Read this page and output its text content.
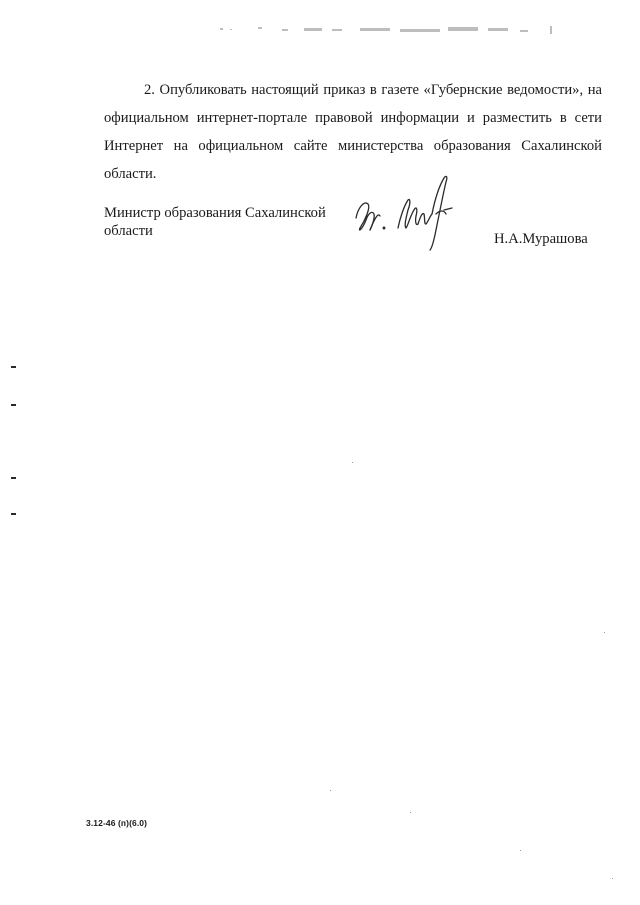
2. Опубликовать настоящий приказ в газете «Губернские ведомости», на официальном интернет-портале правовой информации и разместить в сети Интернет на официальном сайте министерства образования Сахалинской области.

Министр образования Сахалинской
области	Н.А.Мурашова

3.12-46 (п)(6.0)
